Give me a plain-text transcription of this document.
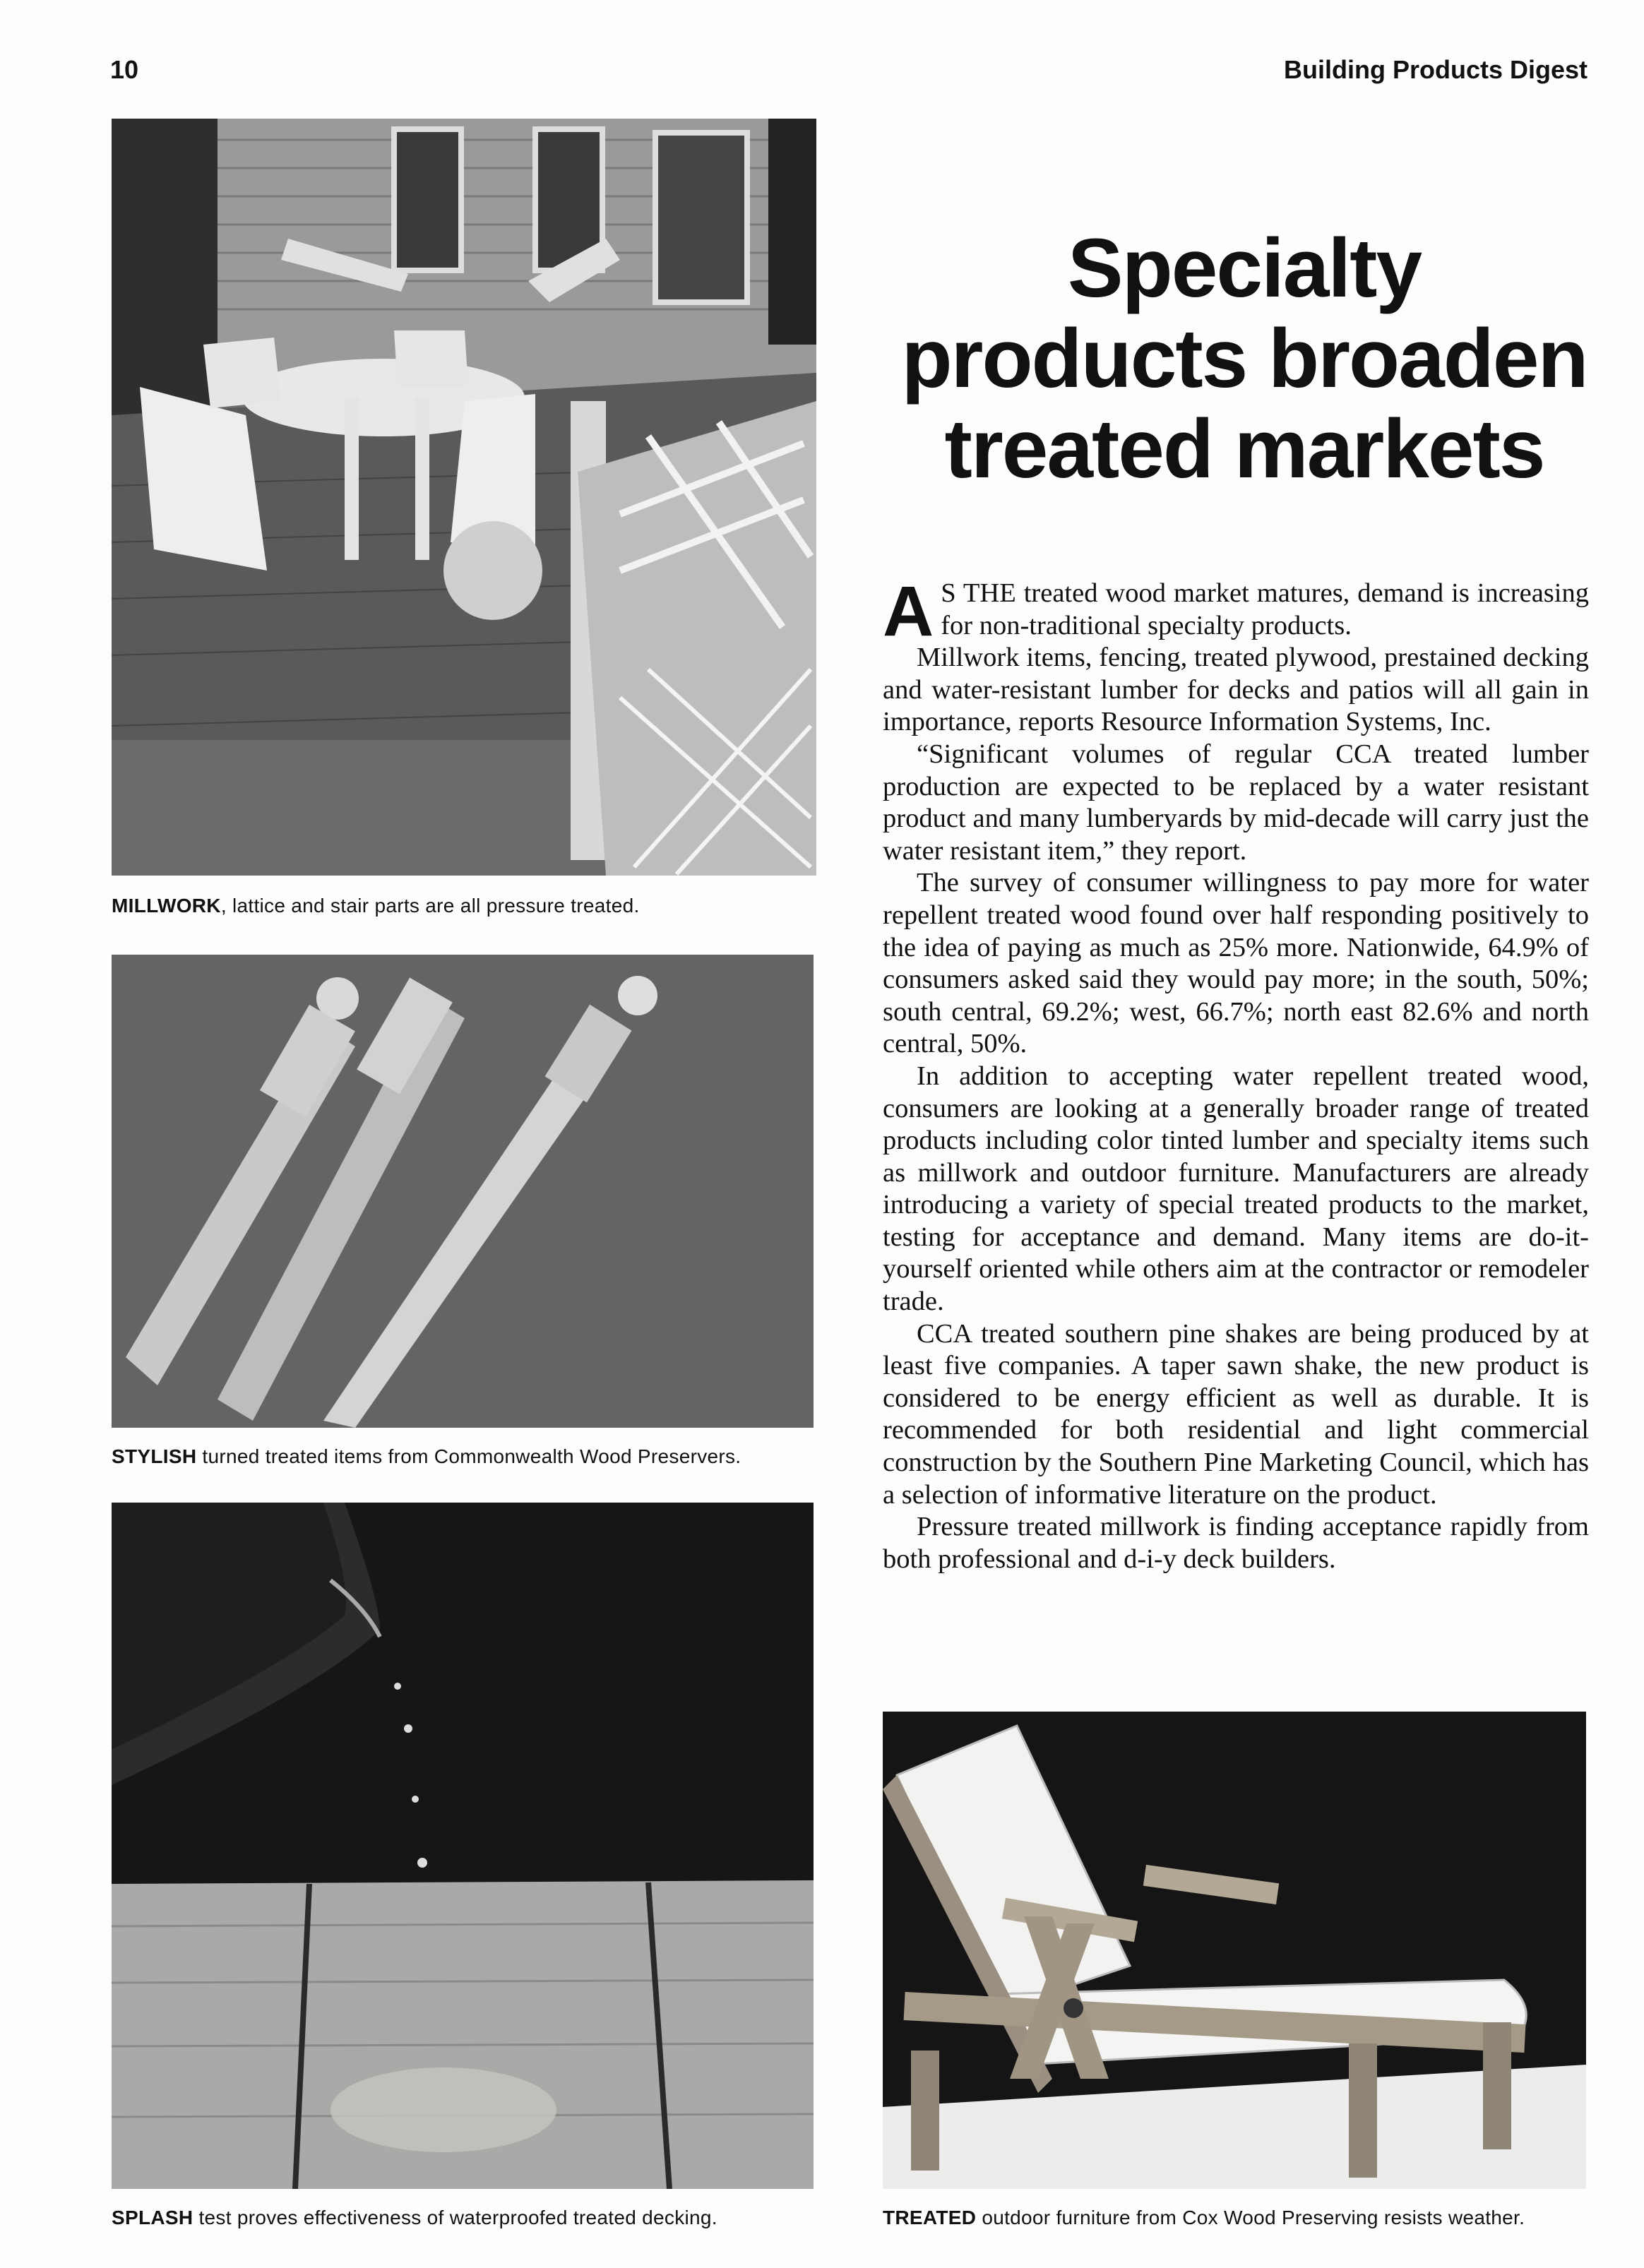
10	Building Products Digest
MILLWORK, lattice and stair parts are all pressure treated.
STYLISH turned treated items from Commonwealth Wood Preservers.
SPLASH test proves effectiveness of waterproofed treated decking.
Specialty
products broaden
treated markets

A S THE treated wood market matures, demand is increasing for non-traditional specialty products.

Millwork items, fencing, treated plywood, prestained decking and water-resistant lumber for decks and patios will all gain in importance, reports Resource Information Systems, Inc.

“Significant volumes of regular CCA treated lumber production are expected to be replaced by a water resistant product and many lumberyards by mid-decade will carry just the water resistant item,” they report.

The survey of consumer willingness to pay more for water repellent treated wood found over half responding positively to the idea of paying as much as 25% more. Nationwide, 64.9% of consumers asked said they would pay more; in the south, 50%; south central, 69.2%; west, 66.7%; north east 82.6% and north central, 50%.

In addition to accepting water repellent treated wood, consumers are looking at a generally broader range of treated products including color tinted lumber and specialty items such as millwork and outdoor furniture. Manufacturers are already introducing a variety of special treated products to the market, testing for acceptance and demand. Many items are do-it-yourself oriented while others aim at the contractor or remodeler trade.

CCA treated southern pine shakes are being produced by at least five companies. A taper sawn shake, the new product is considered to be energy efficient as well as durable. It is recommended for both residential and light commercial construction by the Southern Pine Marketing Council, which has a selection of informative literature on the product.

Pressure treated millwork is finding acceptance rapidly from both professional and d-i-y deck builders.

TREATED outdoor furniture from Cox Wood Preserving resists weather.
